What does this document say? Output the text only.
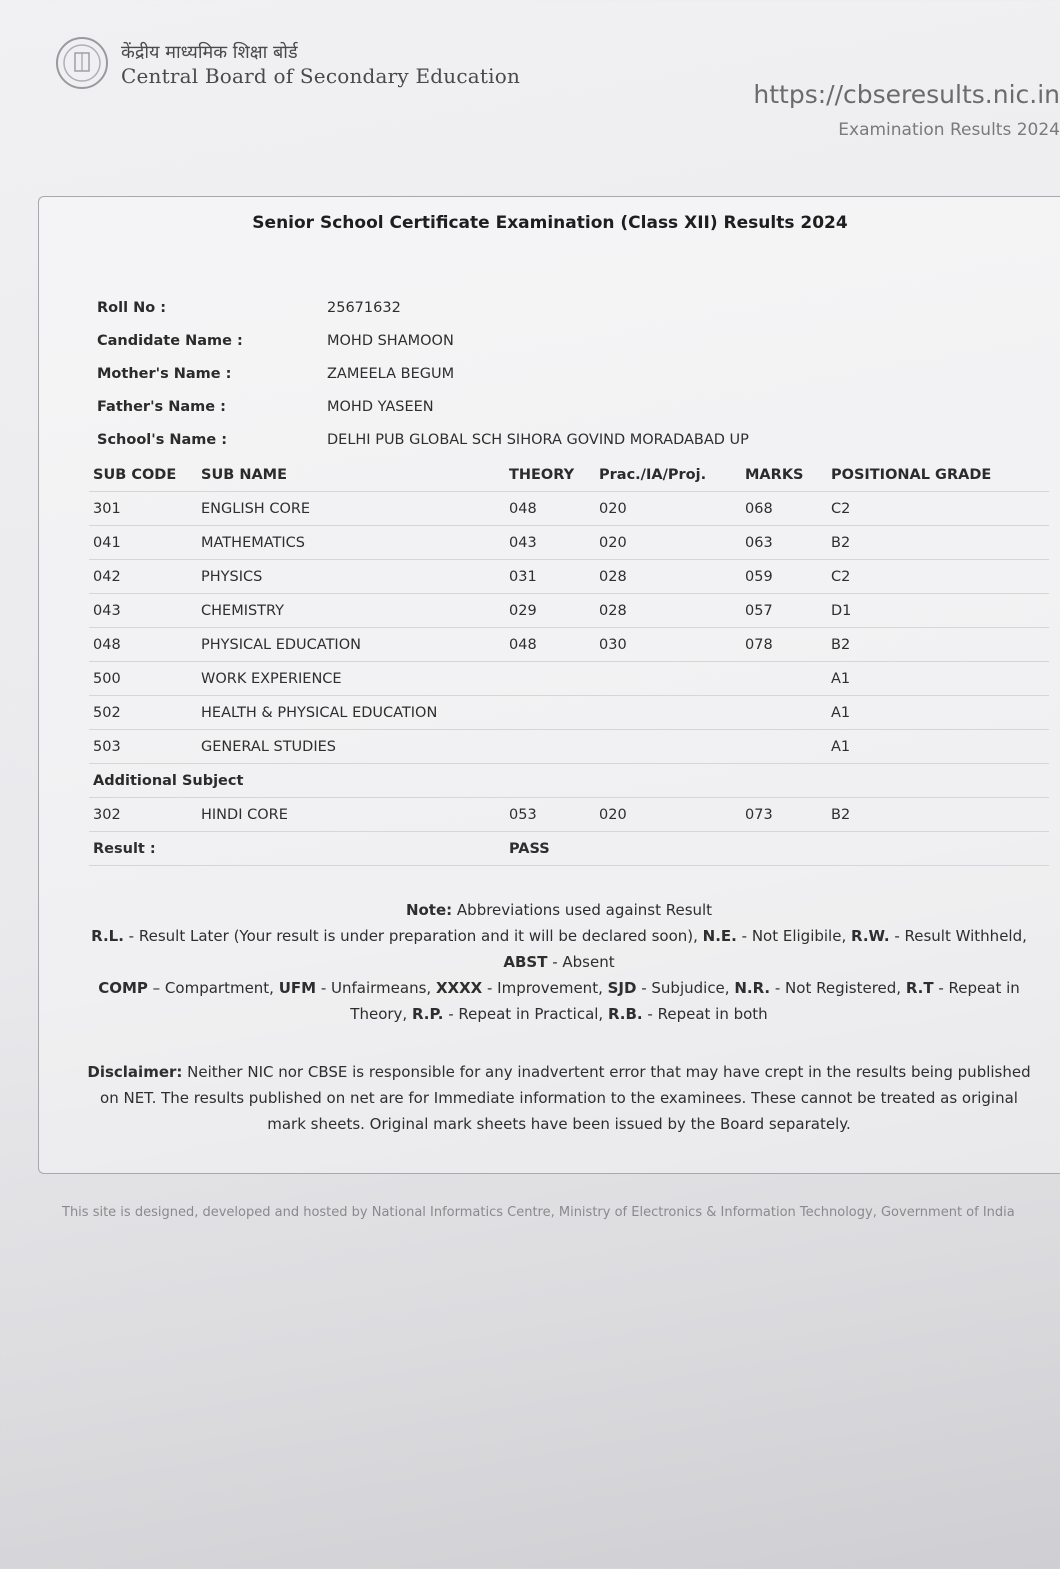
केंद्रीय माध्यमिक शिक्षा बोर्ड
Central Board of Secondary Education
https://cbseresults.nic.in
Examination Results 2024
Senior School Certificate Examination (Class XII) Results 2024
Roll No :	25671632
Candidate Name :	MOHD SHAMOON
Mother's Name :	ZAMEELA BEGUM
Father's Name :	MOHD YASEEN
School's Name :	DELHI PUB GLOBAL SCH SIHORA GOVIND MORADABAD UP
SUB CODE	SUB NAME	THEORY	Prac./IA/Proj.	MARKS	POSITIONAL GRADE
301	ENGLISH CORE	048	020	068	C2
041	MATHEMATICS	043	020	063	B2
042	PHYSICS	031	028	059	C2
043	CHEMISTRY	029	028	057	D1
048	PHYSICAL EDUCATION	048	030	078	B2
500	WORK EXPERIENCE				A1
502	HEALTH & PHYSICAL EDUCATION				A1
503	GENERAL STUDIES				A1
Additional Subject					
302	HINDI CORE	053	020	073	B2
Result :		PASS			
Note: Abbreviations used against Result
R.L. - Result Later (Your result is under preparation and it will be declared soon), N.E. - Not Eligibile, R.W. - Result Withheld,
ABST - Absent
COMP – Compartment, UFM - Unfairmeans, XXXX - Improvement, SJD - Subjudice, N.R. - Not Registered, R.T - Repeat in Theory, R.P. - Repeat in Practical, R.B. - Repeat in both
Disclaimer: Neither NIC nor CBSE is responsible for any inadvertent error that may have crept in the results being published on NET. The results published on net are for Immediate information to the examinees. These cannot be treated as original mark sheets. Original mark sheets have been issued by the Board separately.
This site is designed, developed and hosted by National Informatics Centre, Ministry of Electronics & Information Technology, Government of India
